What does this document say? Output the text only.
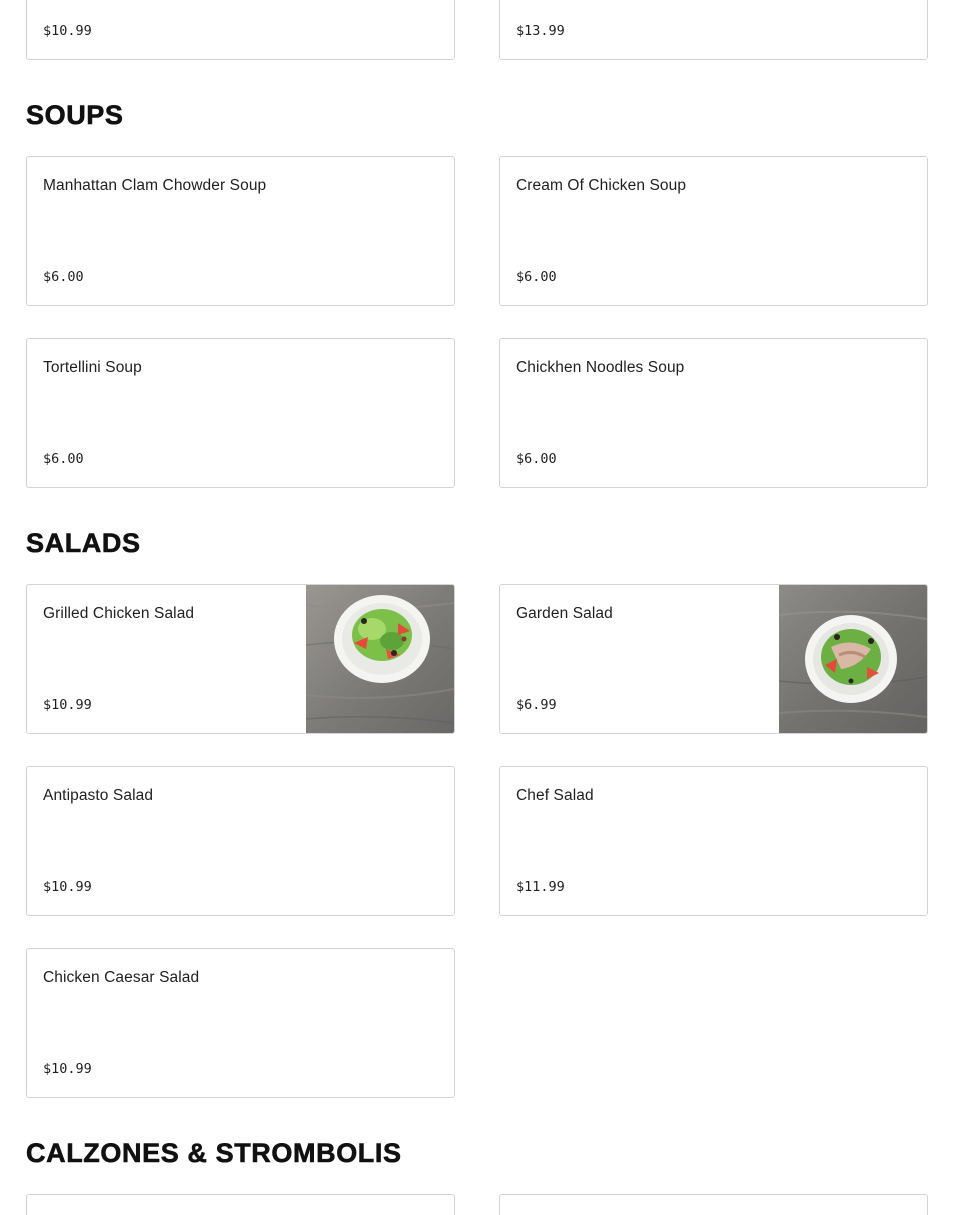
$10.99	$13.99
SOUPS
Manhattan Clam Chowder Soup
$6.00
Cream Of Chicken Soup
$6.00
Tortellini Soup
$6.00
Chickhen Noodles Soup
$6.00
SALADS
Grilled Chicken Salad
$10.99
Garden Salad
$6.99
Antipasto Salad
$10.99
Chef Salad
$11.99
Chicken Caesar Salad
$10.99
CALZONES & STROMBOLIS
